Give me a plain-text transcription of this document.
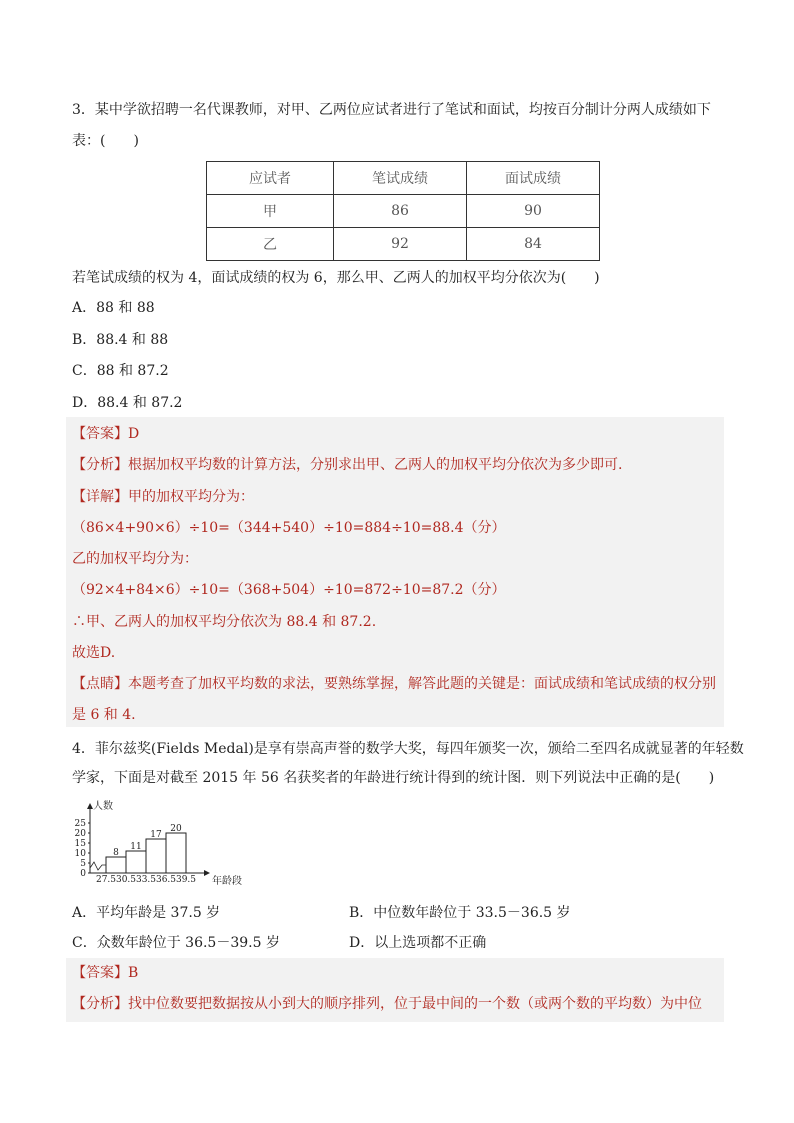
3．某中学欲招聘一名代课教师，对甲、乙两位应试者进行了笔试和面试，均按百分制计分两人成绩如下
表：(　　)
应试者	笔试成绩	面试成绩
甲	86	90
乙	92	84
若笔试成绩的权为 4，面试成绩的权为 6，那么甲、乙两人的加权平均分依次为(　　)
A．88 和 88
B．88.4 和 88
C．88 和 87.2
D．88.4 和 87.2
【答案】D
【分析】根据加权平均数的计算方法，分别求出甲、乙两人的加权平均分依次为多少即可.
【详解】甲的加权平均分为：
（86×4+90×6）÷10=（344+540）÷10=884÷10=88.4（分）
乙的加权平均分为：
（92×4+84×6）÷10=（368+504）÷10=872÷10=87.2（分）
∴甲、乙两人的加权平均分依次为 88.4 和 87.2.
故选D.
【点睛】本题考查了加权平均数的求法，要熟练掌握，解答此题的关键是：面试成绩和笔试成绩的权分别
是 6 和 4.
4．菲尔兹奖(Fields Medal)是享有崇高声誉的数学大奖，每四年颁奖一次，颁给二至四名成就显著的年轻数
学家，下面是对截至 2015 年 56 名获奖者的年龄进行统计得到的统计图．则下列说法中正确的是(　　)
人数
25
20
15
10
5
0
8
11
17
20
27.5 30.5 33.5 36.5 39.5 年龄段
A．平均年龄是 37.5 岁	B．中位数年龄位于 33.5－36.5 岁
C．众数年龄位于 36.5－39.5 岁	D．以上选项都不正确
【答案】B
【分析】找中位数要把数据按从小到大的顺序排列，位于最中间的一个数（或两个数的平均数）为中位
